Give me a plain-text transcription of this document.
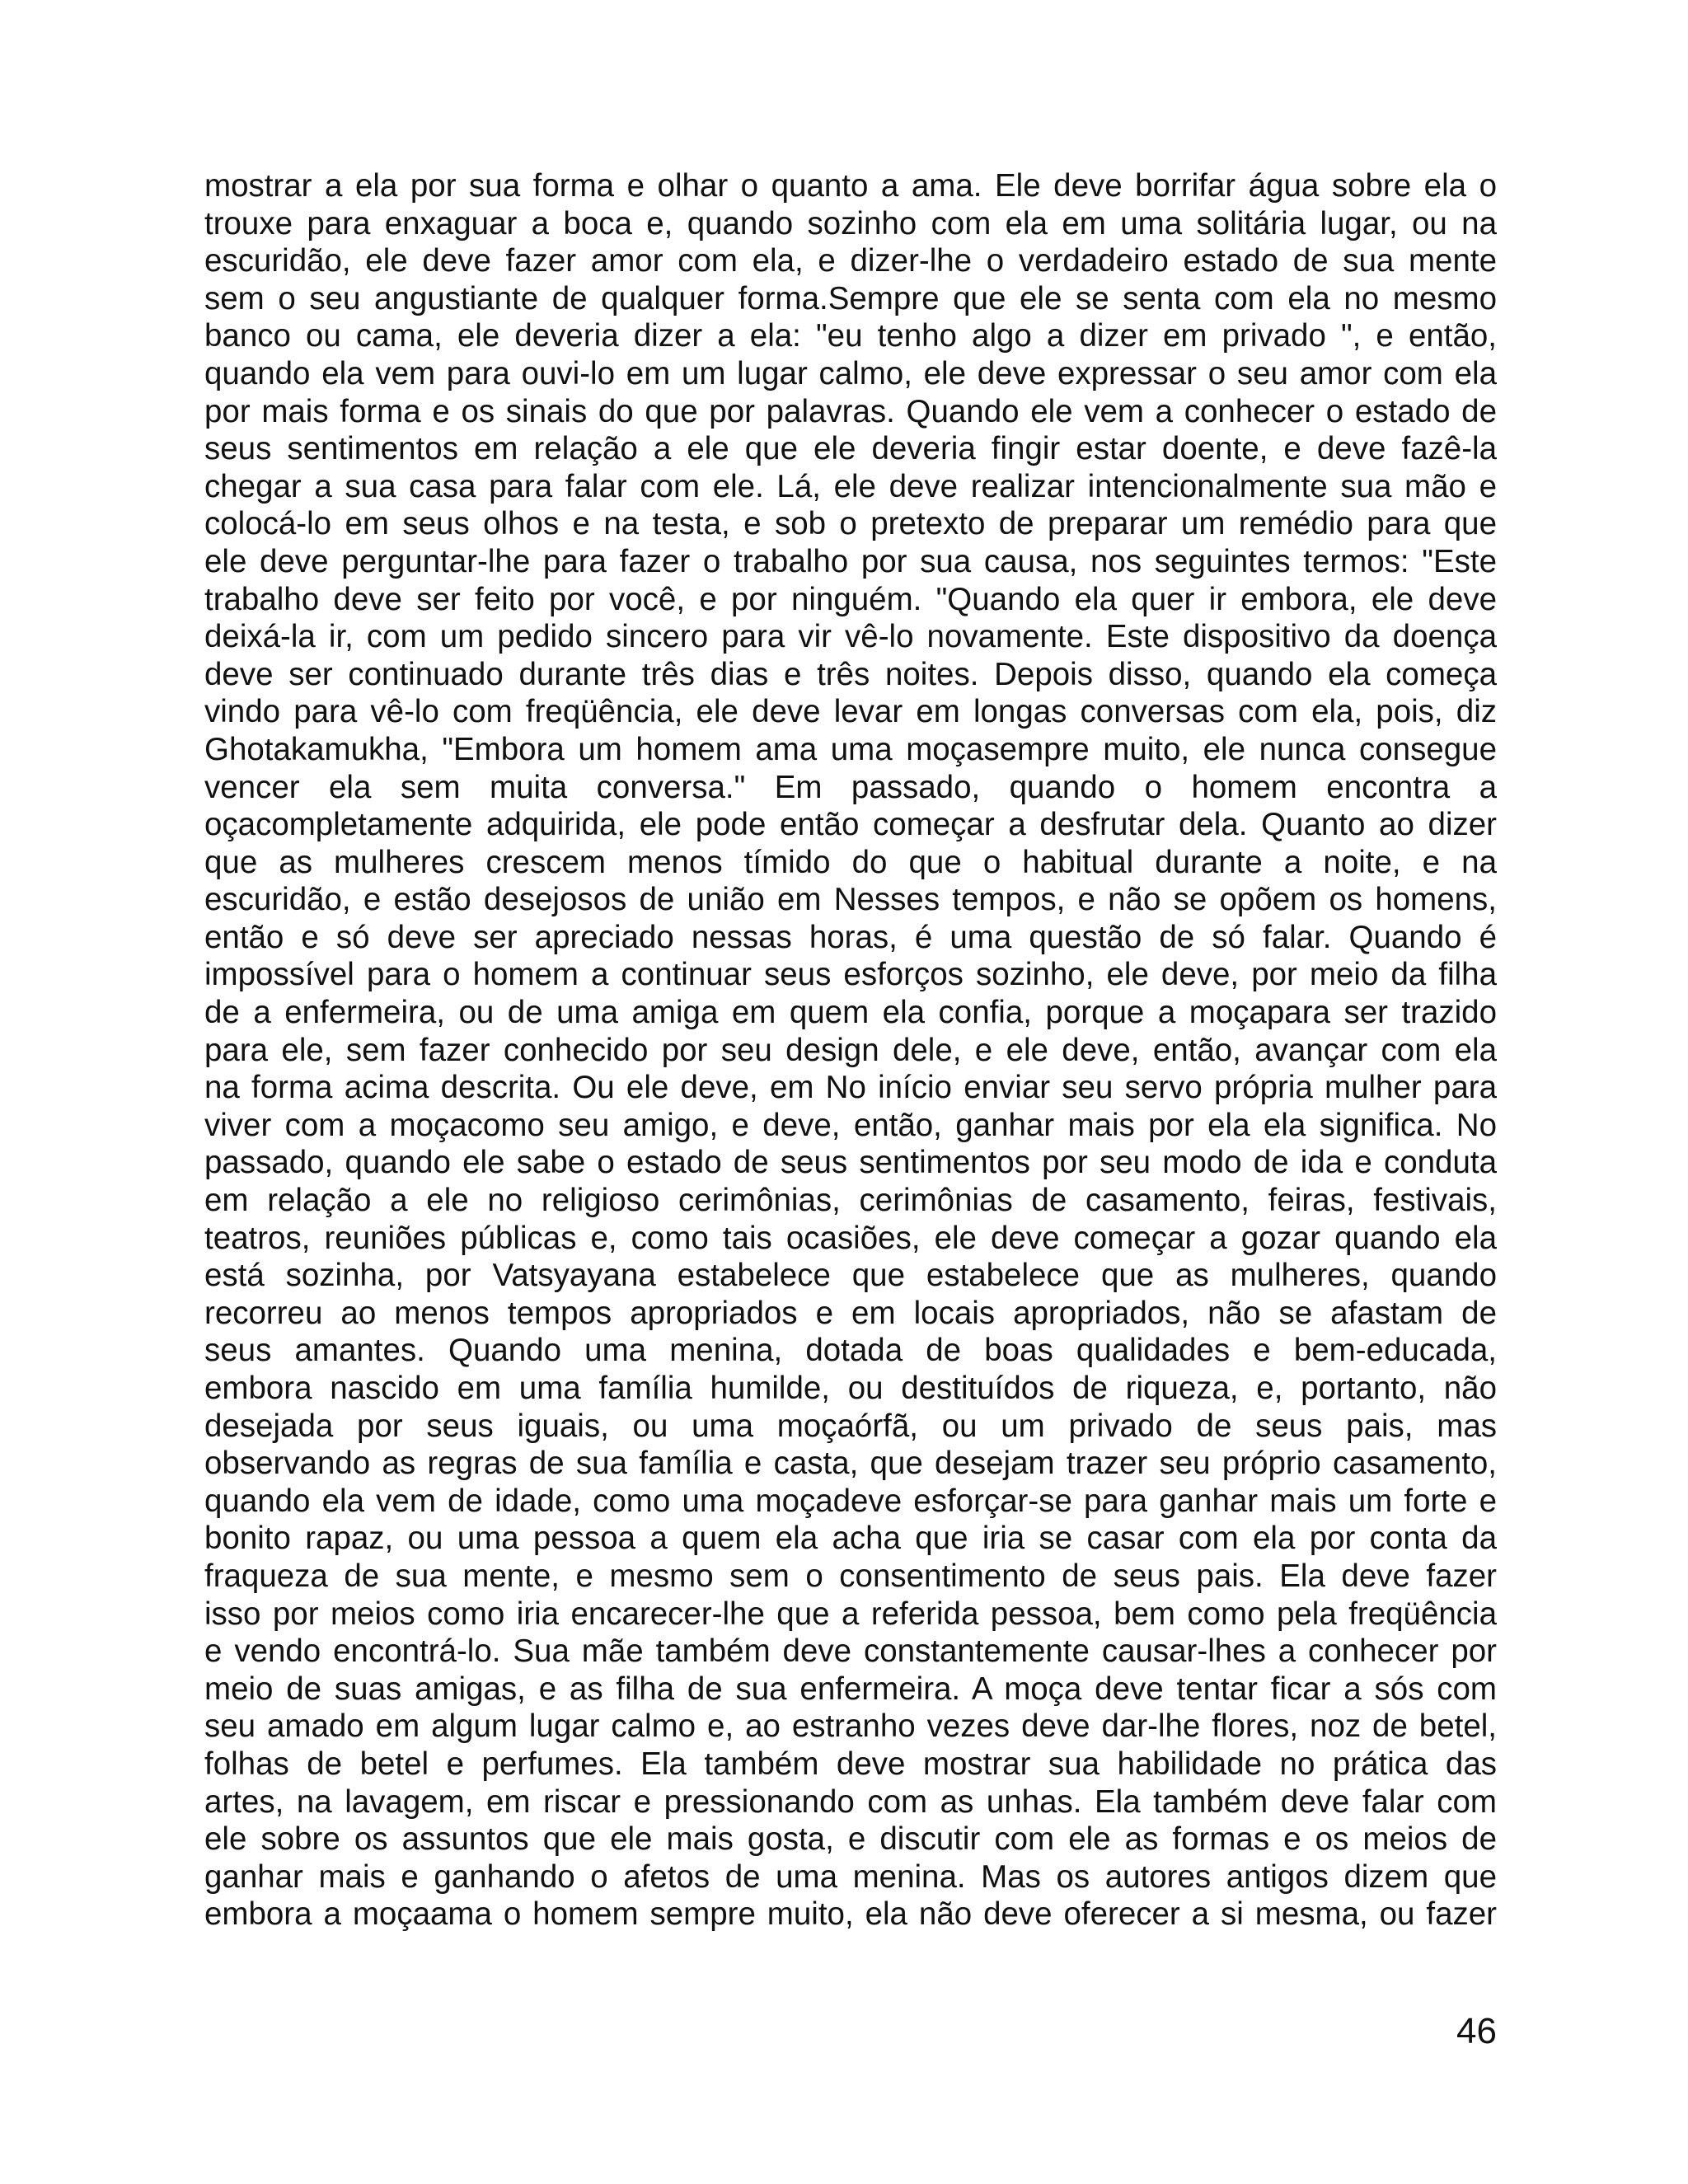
mostrar a ela por sua forma e olhar o quanto a ama. Ele deve borrifar água sobre ela o
trouxe para enxaguar a boca e, quando sozinho com ela em uma solitária lugar, ou na
escuridão, ele deve fazer amor com ela, e dizer-lhe o verdadeiro estado de sua mente
sem o seu angustiante de qualquer forma.Sempre que ele se senta com ela no mesmo
banco ou cama, ele deveria dizer a ela: "eu tenho algo a dizer em privado ", e então,
quando ela vem para ouvi-lo em um lugar calmo, ele deve expressar o seu amor com ela
por mais forma e os sinais do que por palavras. Quando ele vem a conhecer o estado de
seus sentimentos em relação a ele que ele deveria fingir estar doente, e deve fazê-la
chegar a sua casa para falar com ele. Lá, ele deve realizar intencionalmente sua mão e
colocá-lo em seus olhos e na testa, e sob o pretexto de preparar um remédio para que
ele deve perguntar-lhe para fazer o trabalho por sua causa, nos seguintes termos: "Este
trabalho deve ser feito por você, e por ninguém. "Quando ela quer ir embora, ele deve
deixá-la ir, com um pedido sincero para vir vê-lo novamente. Este dispositivo da doença
deve ser continuado durante três dias e três noites. Depois disso, quando ela começa
vindo para vê-lo com freqüência, ele deve levar em longas conversas com ela, pois, diz
Ghotakamukha, "Embora um homem ama uma moçasempre muito, ele nunca consegue
vencer ela sem muita conversa." Em passado, quando o homem encontra a
oçacompletamente adquirida, ele pode então começar a desfrutar dela. Quanto ao dizer
que as mulheres crescem menos tímido do que o habitual durante a noite, e na
escuridão, e estão desejosos de união em Nesses tempos, e não se opõem os homens,
então e só deve ser apreciado nessas horas, é uma questão de só falar. Quando é
impossível para o homem a continuar seus esforços sozinho, ele deve, por meio da filha
de a enfermeira, ou de uma amiga em quem ela confia, porque a moçapara ser trazido
para ele, sem fazer conhecido por seu design dele, e ele deve, então, avançar com ela
na forma acima descrita. Ou ele deve, em No início enviar seu servo própria mulher para
viver com a moçacomo seu amigo, e deve, então, ganhar mais por ela ela significa. No
passado, quando ele sabe o estado de seus sentimentos por seu modo de ida e conduta
em relação a ele no religioso cerimônias, cerimônias de casamento, feiras, festivais,
teatros, reuniões públicas e, como tais ocasiões, ele deve começar a gozar quando ela
está sozinha, por Vatsyayana estabelece que estabelece que as mulheres, quando
recorreu ao menos tempos apropriados e em locais apropriados, não se afastam de
seus amantes. Quando uma menina, dotada de boas qualidades e bem-educada,
embora nascido em uma família humilde, ou destituídos de riqueza, e, portanto, não
desejada por seus iguais, ou uma moçaórfã, ou um privado de seus pais, mas
observando as regras de sua família e casta, que desejam trazer seu próprio casamento,
quando ela vem de idade, como uma moçadeve esforçar-se para ganhar mais um forte e
bonito rapaz, ou uma pessoa a quem ela acha que iria se casar com ela por conta da
fraqueza de sua mente, e mesmo sem o consentimento de seus pais. Ela deve fazer
isso por meios como iria encarecer-lhe que a referida pessoa, bem como pela freqüência
e vendo encontrá-lo. Sua mãe também deve constantemente causar-lhes a conhecer por
meio de suas amigas, e as filha de sua enfermeira. A moça deve tentar ficar a sós com
seu amado em algum lugar calmo e, ao estranho vezes deve dar-lhe flores, noz de betel,
folhas de betel e perfumes. Ela também deve mostrar sua habilidade no prática das
artes, na lavagem, em riscar e pressionando com as unhas. Ela também deve falar com
ele sobre os assuntos que ele mais gosta, e discutir com ele as formas e os meios de
ganhar mais e ganhando o afetos de uma menina. Mas os autores antigos dizem que
embora a moçaama o homem sempre muito, ela não deve oferecer a si mesma, ou fazer
46
